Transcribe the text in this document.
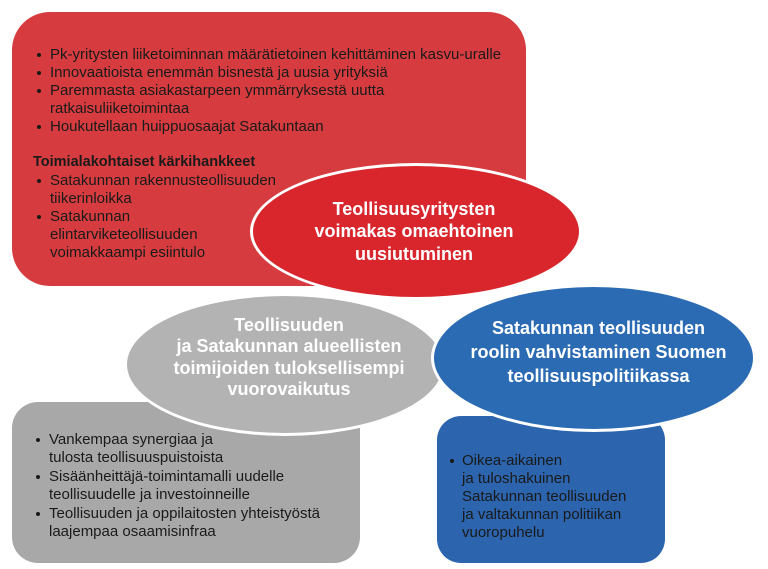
Pk-yritysten liiketoiminnan määrätietoinen kehittäminen kasvu-uralle
Innovaatioista enemmän bisnestä ja uusia yrityksiä
Paremmasta asiakastarpeen ymmärryksestä uutta
ratkaisuliiketoimintaa
Houkutellaan huippuosaajat Satakuntaan

Toimialakohtaiset kärkihankkeet

Satakunnan rakennusteollisuuden
tiikerinloikka
Satakunnan
elintarviketeollisuuden
voimakkaampi esiintulo
Vankempaa synergiaa ja
tulosta teollisuuspuistoista
Sisäänheittäjä-toimintamalli uudelle
teollisuudelle ja investoinneille
Teollisuuden ja oppilaitosten yhteistyöstä
laajempaa osaamisinfraa
Oikea-aikainen
ja tuloshakuinen
Satakunnan teollisuuden
ja valtakunnan politiikan
vuoropuhelu
Teollisuuden
ja Satakunnan alueellisten
toimijoiden tuloksellisempi
vuorovaikutus
Satakunnan teollisuuden
roolin vahvistaminen Suomen
teollisuuspolitiikassa
Teollisuusyritysten
voimakas omaehtoinen
uusiutuminen
